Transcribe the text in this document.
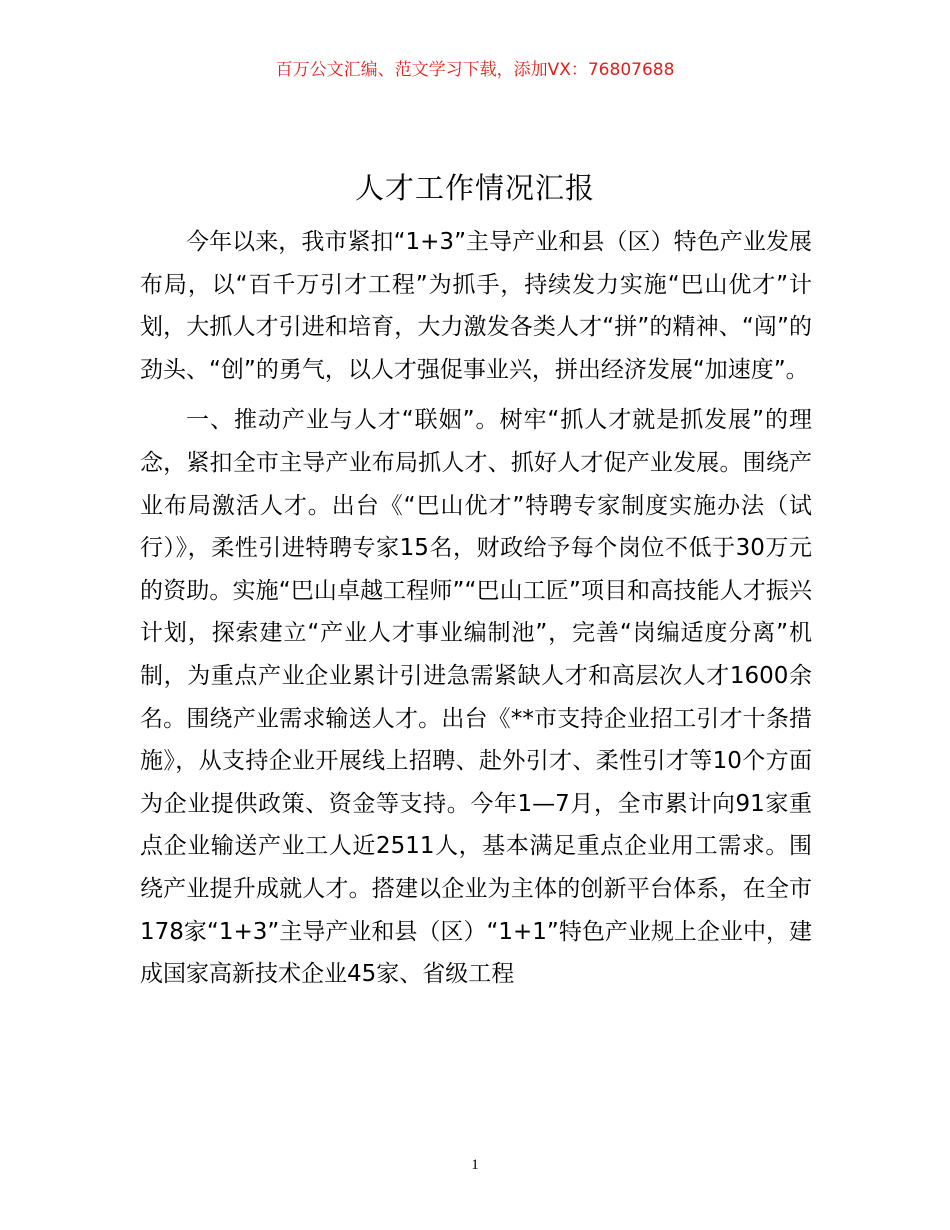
百万公文汇编、范文学习下载，添加VX：76807688
人才工作情况汇报

今年以来，我市紧扣“1+3”主导产业和县（区）特色产业发展布局，以“百千万引才工程”为抓手，持续发力实施“巴山优才”计划，大抓人才引进和培育，大力激发各类人才“拼”的精神、“闯”的劲头、“创”的勇气，以人才强促事业兴，拼出经济发展“加速度”。

一、推动产业与人才“联姻”。树牢“抓人才就是抓发展”的理念，紧扣全市主导产业布局抓人才、抓好人才促产业发展。围绕产业布局激活人才。出台《“巴山优才”特聘专家制度实施办法（试行）》，柔性引进特聘专家15名，财政给予每个岗位不低于30万元的资助。实施“巴山卓越工程师”“巴山工匠”项目和高技能人才振兴计划，探索建立“产业人才事业编制池”，完善“岗编适度分离”机制，为重点产业企业累计引进急需紧缺人才和高层次人才1600余名。围绕产业需求输送人才。出台《**市支持企业招工引才十条措施》，从支持企业开展线上招聘、赴外引才、柔性引才等10个方面为企业提供政策、资金等支持。今年1—7月，全市累计向91家重点企业输送产业工人近2511人，基本满足重点企业用工需求。围绕产业提升成就人才。搭建以企业为主体的创新平台体系，在全市178家“1+3”主导产业和县（区）“1+1”特色产业规上企业中，建成国家高新技术企业45家、省级工程

1
